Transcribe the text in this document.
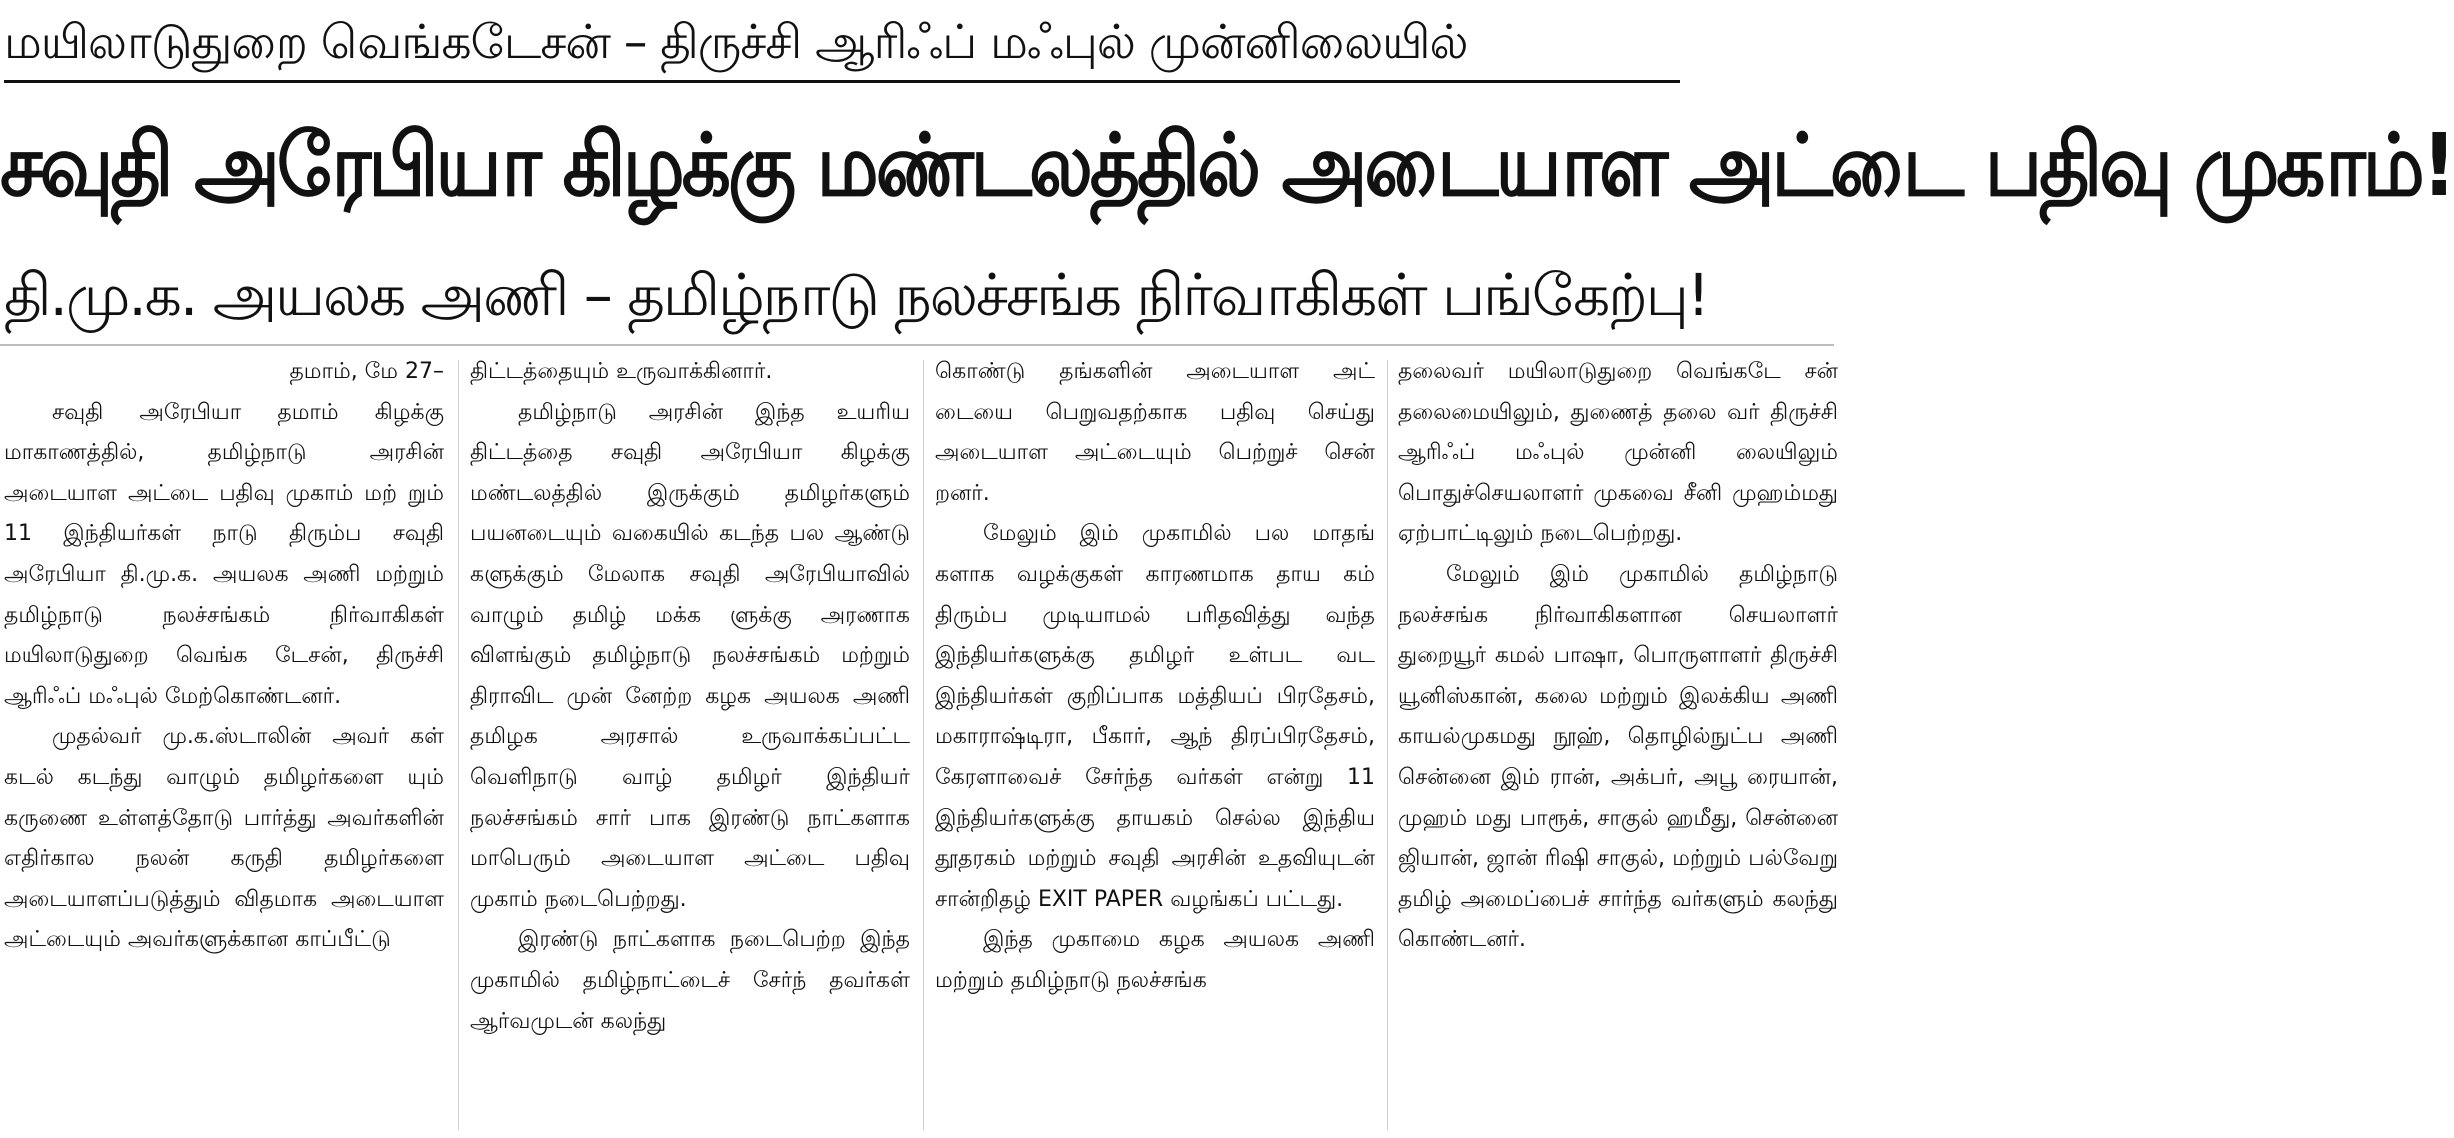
மயிலாடுதுறை வெங்கடேசன் – திருச்சி ஆரிஃப் மஃபுல் முன்னிலையில்
சவுதி அரேபியா கிழக்கு மண்டலத்தில் அடையாள அட்டை பதிவு முகாம்!
தி.மு.க. அயலக அணி – தமிழ்நாடு நலச்சங்க நிர்வாகிகள் பங்கேற்பு!

தமாம், மே 27–

சவுதி அரேபியா தமாம் கிழக்கு மாகாணத்தில், தமிழ்நாடு அரசின் அடையாள அட்டை பதிவு முகாம் மற் றும் 11 இந்தியர்கள் நாடு திரும்ப சவுதி அரேபியா தி.மு.க. அயலக அணி மற்றும் தமிழ்நாடு நலச்சங்கம் நிர்வாகிகள் மயிலாடுதுறை வெங்க டேசன், திருச்சி ஆரிஃப் மஃபுல் மேற்கொண்டனர்.

முதல்வர் மு.க.ஸ்டாலின் அவர் கள் கடல் கடந்து வாழும் தமிழர்களை யும் கருணை உள்ளத்தோடு பார்த்து அவர்களின் எதிர்கால நலன் கருதி தமிழர்களை அடையாளப்படுத்தும் விதமாக அடையாள அட்டையும் அவர்களுக்கான காப்பீட்டு

திட்டத்தையும் உருவாக்கினார்.

தமிழ்நாடு அரசின் இந்த உயரிய திட்டத்தை சவுதி அரேபியா கிழக்கு மண்டலத்தில் இருக்கும் தமிழர்களும் பயனடையும் வகையில் கடந்த பல ஆண்டு களுக்கும் மேலாக சவுதி அரேபியாவில் வாழும் தமிழ் மக்க ளுக்கு அரணாக விளங்கும் தமிழ்நாடு நலச்சங்கம் மற்றும் திராவிட முன் னேற்ற கழக அயலக அணி தமிழக அரசால் உருவாக்கப்பட்ட வெளிநாடு வாழ் தமிழர் இந்தியர் நலச்சங்கம் சார் பாக இரண்டு நாட்களாக மாபெரும் அடையாள அட்டை பதிவு முகாம் நடைபெற்றது.

இரண்டு நாட்களாக நடைபெற்ற இந்த முகாமில் தமிழ்நாட்டைச் சேர்ந் தவர்கள் ஆர்வமுடன் கலந்து

கொண்டு தங்களின் அடையாள அட் டையை பெறுவதற்காக பதிவு செய்து அடையாள அட்டையும் பெற்றுச் சென் றனர்.

மேலும் இம் முகாமில் பல மாதங் களாக வழக்குகள் காரணமாக தாய கம் திரும்ப முடியாமல் பரிதவித்து வந்த இந்தியர்களுக்கு தமிழர் உள்பட வட இந்தியர்கள் குறிப்பாக மத்தியப் பிரதேசம், மகாராஷ்டிரா, பீகார், ஆந் திரப்பிரதேசம், கேரளாவைச் சேர்ந்த வர்கள் என்று 11 இந்தியர்களுக்கு தாயகம் செல்ல இந்திய தூதரகம் மற்றும் சவுதி அரசின் உதவியுடன் சான்றிதழ் EXIT PAPER வழங்கப் பட்டது.

இந்த முகாமை கழக அயலக அணி மற்றும் தமிழ்நாடு நலச்சங்க

தலைவர் மயிலாடுதுறை வெங்கடே சன் தலைமையிலும், துணைத் தலை வர் திருச்சி ஆரிஃப் மஃபுல் முன்னி லையிலும் பொதுச்செயலாளர் முகவை சீனி முஹம்மது ஏற்பாட்டிலும் நடைபெற்றது.

மேலும் இம் முகாமில் தமிழ்நாடு நலச்சங்க நிர்வாகிகளான செயலாளர் துறையூர் கமல் பாஷா, பொருளாளர் திருச்சி யூனிஸ்கான், கலை மற்றும் இலக்கிய அணி காயல்முகமது நூஹ், தொழில்நுட்ப அணி சென்னை இம் ரான், அக்பர், அபூ ரையான், முஹம் மது பாரூக், சாகுல் ஹமீது, சென்னை ஜியான், ஜான் ரிஷி சாகுல், மற்றும் பல்வேறு தமிழ் அமைப்பைச் சார்ந்த வர்களும் கலந்து கொண்டனர்.
